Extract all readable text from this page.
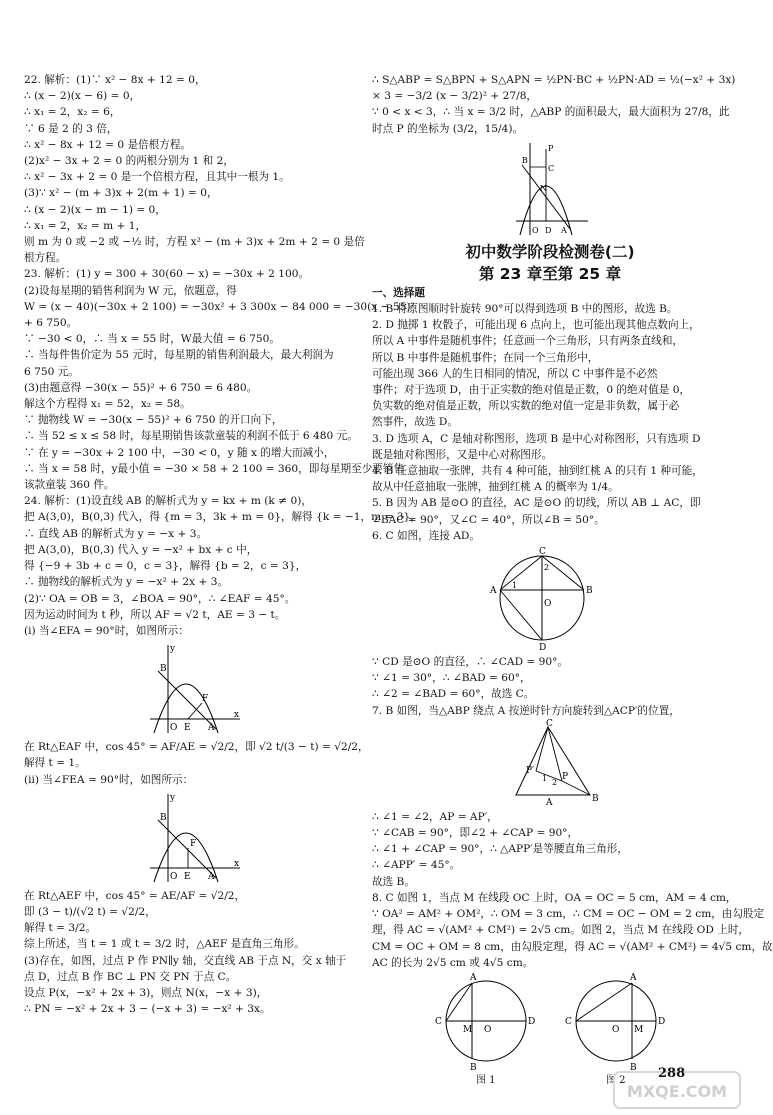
22. 解析：(1)∵ x² − 8x + 12 = 0，
∴ (x − 2)(x − 6) = 0，
∴ x₁ = 2，x₂ = 6，
∵ 6 是 2 的 3 倍，
∴ x² − 8x + 12 = 0 是倍根方程。
(2)x² − 3x + 2 = 0 的两根分别为 1 和 2，
∴ x² − 3x + 2 = 0 是一个倍根方程，且其中一根为 1。
(3)∵ x² − (m + 3)x + 2(m + 1) = 0，
∴ (x − 2)(x − m − 1) = 0，
∴ x₁ = 2，x₂ = m + 1，
则 m 为 0 或 −2 或 −½ 时，方程 x² − (m + 3)x + 2m + 2 = 0 是倍
根方程。
23. 解析：(1) y = 300 + 30(60 − x) = −30x + 2 100。
(2)设每星期的销售利润为 W 元，依题意，得
W = (x − 40)(−30x + 2 100) = −30x² + 3 300x − 84 000 = −30(x − 55)²
+ 6 750。
∵ −30 < 0，∴ 当 x = 55 时，W最大值 = 6 750。
∴ 当每件售价定为 55 元时，每星期的销售利润最大，最大利润为
6 750 元。
(3)由题意得 −30(x − 55)² + 6 750 = 6 480。
解这个方程得 x₁ = 52，x₂ = 58。
∵ 抛物线 W = −30(x − 55)² + 6 750 的开口向下，
∴ 当 52 ≤ x ≤ 58 时，每星期销售该款童装的利润不低于 6 480 元。
∵ 在 y = −30x + 2 100 中，−30 < 0，y 随 x 的增大而减小，
∴ 当 x = 58 时，y最小值 = −30 × 58 + 2 100 = 360，即每星期至少要销售
该款童装 360 件。
24. 解析：(1)设直线 AB 的解析式为 y = kx + m (k ≠ 0)，
把 A(3,0)，B(0,3) 代入，得 {m = 3，3k + m = 0}，解得 {k = −1，m = 3}，
∴ 直线 AB 的解析式为 y = −x + 3。
把 A(3,0)，B(0,3) 代入 y = −x² + bx + c 中，
得 {−9 + 3b + c = 0，c = 3}，解得 {b = 2，c = 3}，
∴ 抛物线的解析式为 y = −x² + 2x + 3。
(2)∵ OA = OB = 3，∠BOA = 90°，∴ ∠EAF = 45°。
因为运动时间为 t 秒，所以 AF = √2 t，AE = 3 − t。
(i) 当∠EFA = 90°时，如图所示：
B
F
E A
O
x
y
在 Rt△EAF 中，cos 45° = AF/AE = √2/2，即 √2 t/(3 − t) = √2/2，
解得 t = 1。
(ii) 当∠FEA = 90°时，如图所示：
B
F
E A
O
x
y
在 Rt△AEF 中，cos 45° = AE/AF = √2/2，
即 (3 − t)/(√2 t) = √2/2，
解得 t = 3/2。
综上所述，当 t = 1 或 t = 3/2 时，△AEF 是直角三角形。
(3)存在，如图，过点 P 作 PN∥y 轴，交直线 AB 于点 N，交 x 轴于
点 D，过点 B 作 BC ⊥ PN 交 PN 于点 C。
设点 P(x，−x² + 2x + 3)，则点 N(x，−x + 3)，
∴ PN = −x² + 2x + 3 − (−x + 3) = −x² + 3x。
∴ S△ABP = S△BPN + S△APN = ½PN·BC + ½PN·AD = ½(−x² + 3x)
× 3 = −3/2 (x − 3/2)² + 27/8，
∵ 0 < x < 3，∴ 当 x = 3/2 时，△ABP 的面积最大，最大面积为 27/8，此
时点 P 的坐标为 (3/2，15/4)。
B
P
N
C
O D A
初中数学阶段检测卷(二)
第 23 章至第 25 章
一、选择题
1. B 将原图顺时针旋转 90°可以得到选项 B 中的图形，故选 B。
2. D 抛掷 1 枚骰子，可能出现 6 点向上，也可能出现其他点数向上，
所以 A 中事件是随机事件；任意画一个三角形，只有两条直线和，
所以 B 中事件是随机事件；在同一个三角形中，
可能出现 366 人的生日相同的情况，所以 C 中事件是不必然
事件；对于选项 D，由于正实数的绝对值是正数，0 的绝对值是 0，
负实数的绝对值是正数，所以实数的绝对值一定是非负数，属于必
然事件，故选 D。
3. D 选项 A，C 是轴对称图形，选项 B 是中心对称图形，只有选项 D
既是轴对称图形，又是中心对称图形。
4. B 任意抽取一张牌，共有 4 种可能，抽到红桃 A 的只有 1 种可能，
故从中任意抽取一张牌，抽到红桃 A 的概率为 1/4。
5. B 因为 AB 是⊙O 的直径，AC 是⊙O 的切线，所以 AB ⊥ AC，即
∠BAC = 90°，又∠C = 40°，所以∠B = 50°。
6. C 如图，连接 AD。
C
A	B
D
O
1
2
∵ CD 是⊙O 的直径，∴ ∠CAD = 90°。
∵ ∠1 = 30°，∴ ∠BAD = 60°，
∴ ∠2 = ∠BAD = 60°，故选 C。
7. B 如图，当△ABP 绕点 A 按逆时针方向旋转到△ACP′的位置，
C
P′
P
1 2
A	B
∴ ∠1 = ∠2，AP = AP′，
∵ ∠CAB = 90°，即∠2 + ∠CAP = 90°，
∴ ∠1 + ∠CAP = 90°，∴ △APP′是等腰直角三角形，
∴ ∠APP′ = 45°。
故选 B。
8. C 如图 1，当点 M 在线段 OC 上时，OA = OC = 5 cm，AM = 4 cm，
∵ OA² = AM² + OM²，∴ OM = 3 cm，∴ CM = OC − OM = 2 cm，由勾股定
理，得 AC = √(AM² + CM²) = 2√5 cm。如图 2，当点 M 在线段 OD 上时，
CM = OC + OM = 8 cm，由勾股定理，得 AC = √(AM² + CM²) = 4√5 cm，故
AC 的长为 2√5 cm 或 4√5 cm。
A
C	D
M O
B
A
C	D
O M
B
图 1	图 2
MXQE.COM
288
